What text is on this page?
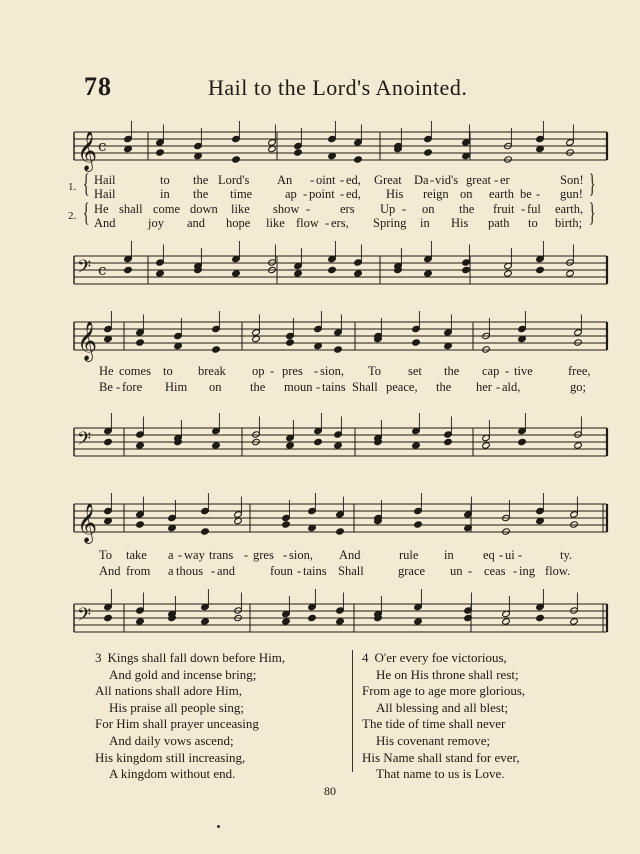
78	Hail to the Lord's Anointed.
𝄞 c
1. {	}
Hail	to the Lord's An - oint - ed, Great Da - vid's great - er	Son!
Hail	in the time	ap - point - ed, His reign on earth be - gun!
2. {	}
He shall come down like show - ers Up - on the fruit - ful earth,
And	joy and hope like flow - ers, Spring in His path to birth;
𝄢 c
𝄞
He comes to break op - pres - sion, To set the cap - tive	free,
Be - fore Him on the moun - tains Shall peace, the her - ald,	go;
𝄢
𝄞
To take a - way trans - gres - sion, And	rule in eq - ui -	ty.
And from a thous - and	foun - tains Shall	grace un - ceas - ing flow.
𝄢
3 Kings shall fall down before Him,
And gold and incense bring;
All nations shall adore Him,
His praise all people sing;
For Him shall prayer unceasing
And daily vows ascend;
His kingdom still increasing,
A kingdom without end.
4 O'er every foe victorious,
He on His throne shall rest;
From age to age more glorious,
All blessing and all blest;
The tide of time shall never
His covenant remove;
His Name shall stand for ever,
That name to us is Love.
80
